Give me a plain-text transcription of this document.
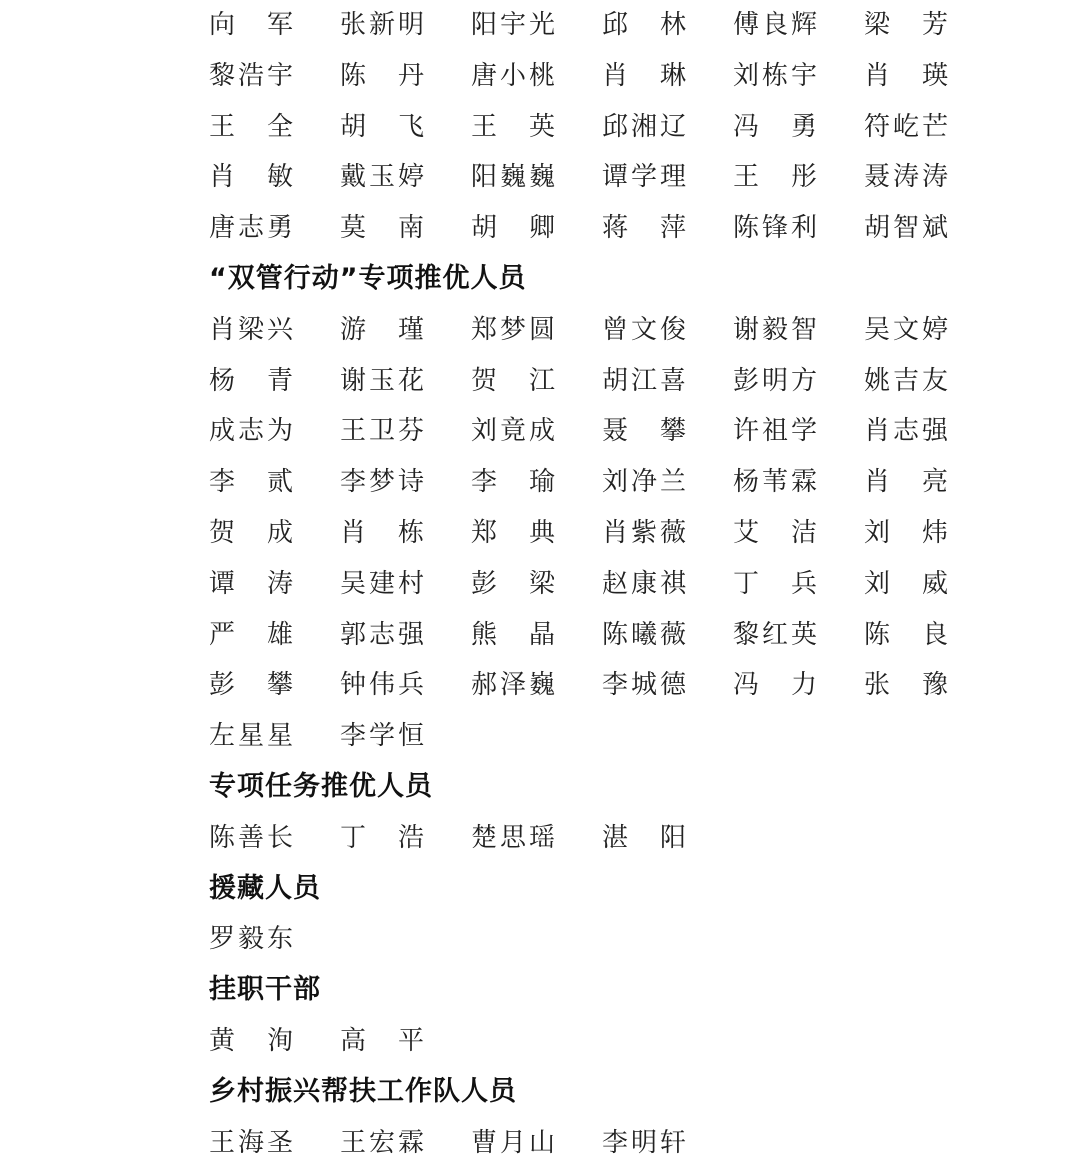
向 军 张 新 明 阳 宇 光 邱 林 傅 良 辉 梁 芳
黎 浩 宇 陈 丹 唐 小 桃 肖 琳 刘 栋 宇 肖 瑛
王 全 胡 飞 王 英 邱 湘 辽 冯 勇 符 屹 芒
肖 敏 戴 玉 婷 阳 巍 巍 谭 学 理 王 彤 聂 涛 涛
唐 志 勇 莫 南 胡 卿 蒋 萍 陈 锋 利 胡 智 斌
“双管行动”专项推优人员
肖 梁 兴 游 瑾 郑 梦 圆 曾 文 俊 谢 毅 智 吴 文 婷
杨 青 谢 玉 花 贺 江 胡 江 喜 彭 明 方 姚 吉 友
成 志 为 王 卫 芬 刘 竟 成 聂 攀 许 祖 学 肖 志 强
李 贰 李 梦 诗 李 瑜 刘 净 兰 杨 苇 霖 肖 亮
贺 成 肖 栋 郑 典 肖 紫 薇 艾 洁 刘 炜
谭 涛 吴 建 村 彭 梁 赵 康 祺 丁 兵 刘 威
严 雄 郭 志 强 熊 晶 陈 曦 薇 黎 红 英 陈 良
彭 攀 钟 伟 兵 郝 泽 巍 李 城 德 冯 力 张 豫
左 星 星 李 学 恒
专项任务推优人员
陈 善 长 丁 浩 楚 思 瑶 湛 阳
援藏人员
罗 毅 东
挂职干部
黄 洵 高 平
乡村振兴帮扶工作队人员
王 海 圣 王 宏 霖 曹 月 山 李 明 轩
